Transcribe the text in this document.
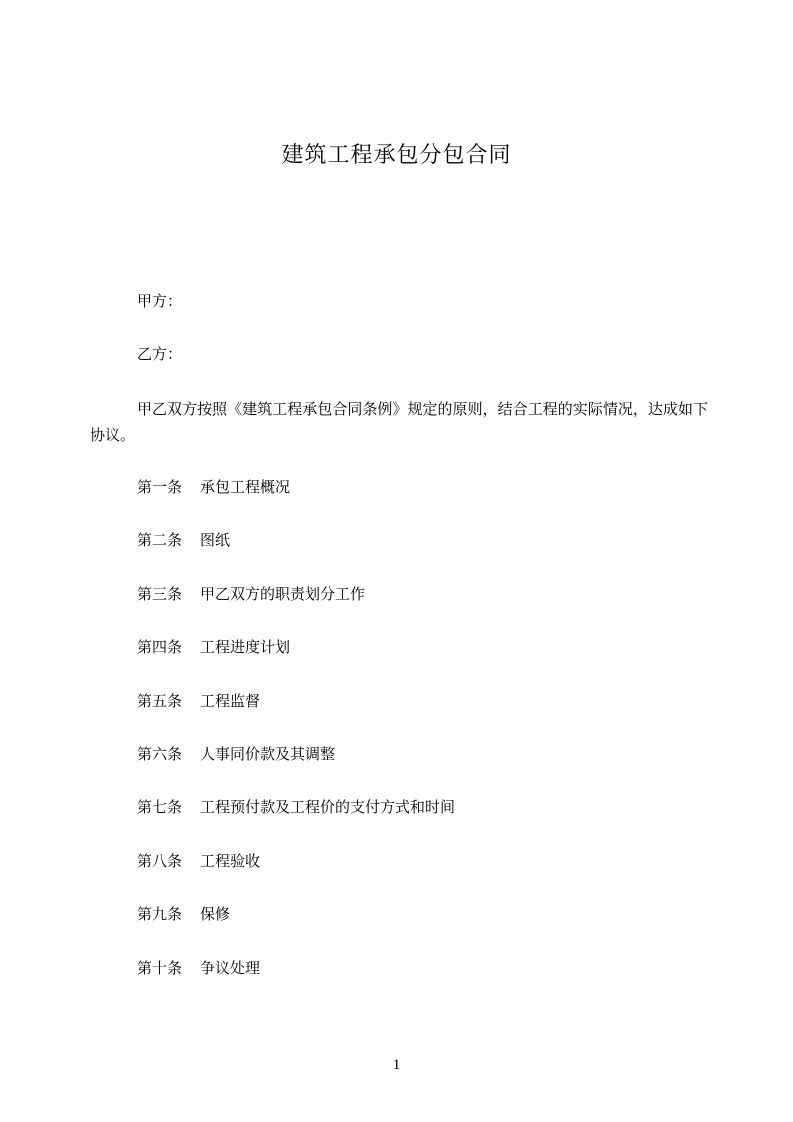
建筑工程承包分包合同
甲方：
乙方：
甲乙双方按照《建筑工程承包合同条例》规定的原则，结合工程的实际情况，达成如下协议。
第一条 承包工程概况
第二条 图纸
第三条 甲乙双方的职责划分工作
第四条 工程进度计划
第五条 工程监督
第六条 人事同价款及其调整
第七条 工程预付款及工程价的支付方式和时间
第八条 工程验收
第九条 保修
第十条 争议处理
1
